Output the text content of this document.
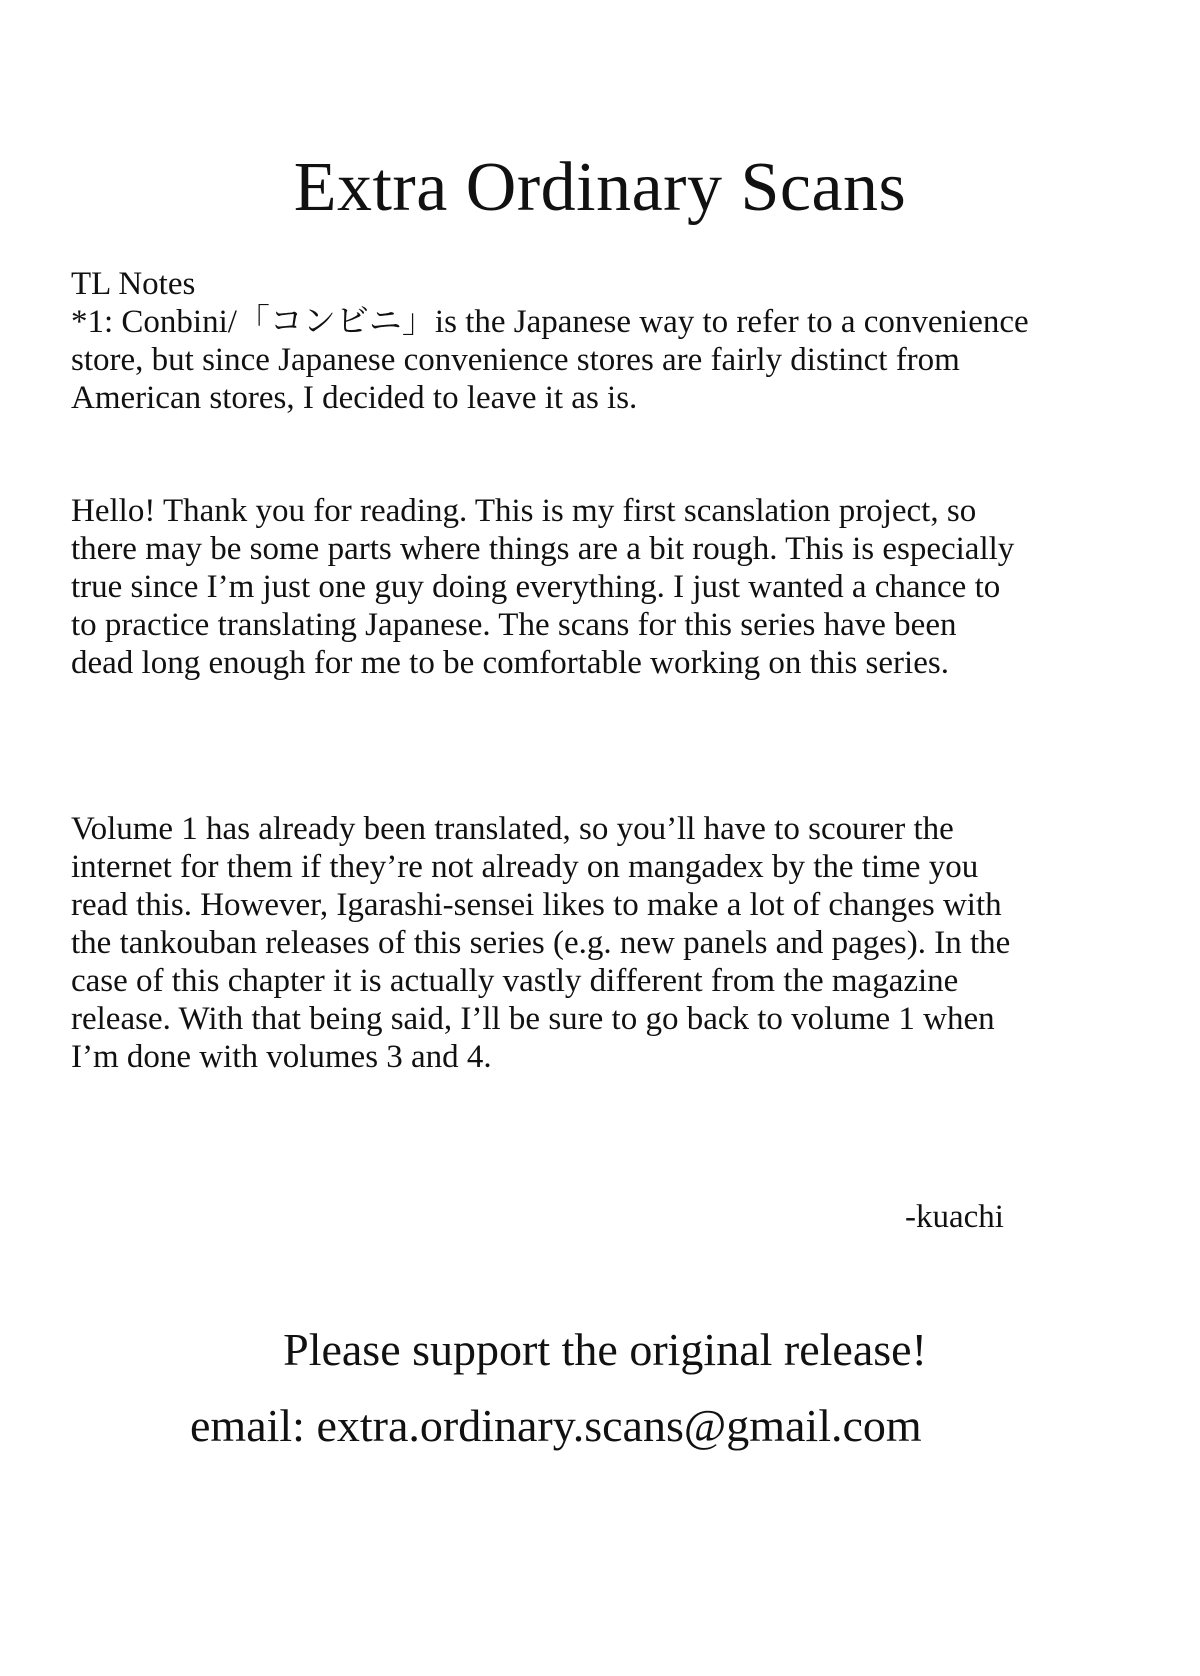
Extra Ordinary Scans
TL Notes
*1: Conbini/「コンビニ」is the Japanese way to refer to a convenience
store, but since Japanese convenience stores are fairly distinct from
American stores, I decided to leave it as is.
Hello! Thank you for reading. This is my first scanslation project, so
there may be some parts where things are a bit rough. This is especially
true since I’m just one guy doing everything. I just wanted a chance to
to practice translating Japanese. The scans for this series have been
dead long enough for me to be comfortable working on this series.
Volume 1 has already been translated, so you’ll have to scourer the
internet for them if they’re not already on mangadex by the time you
read this. However, Igarashi-sensei likes to make a lot of changes with
the tankouban releases of this series (e.g. new panels and pages). In the
case of this chapter it is actually vastly different from the magazine
release. With that being said, I’ll be sure to go back to volume 1 when
I’m done with volumes 3 and 4.
-kuachi
Please support the original release!
email: extra.ordinary.scans@gmail.com
